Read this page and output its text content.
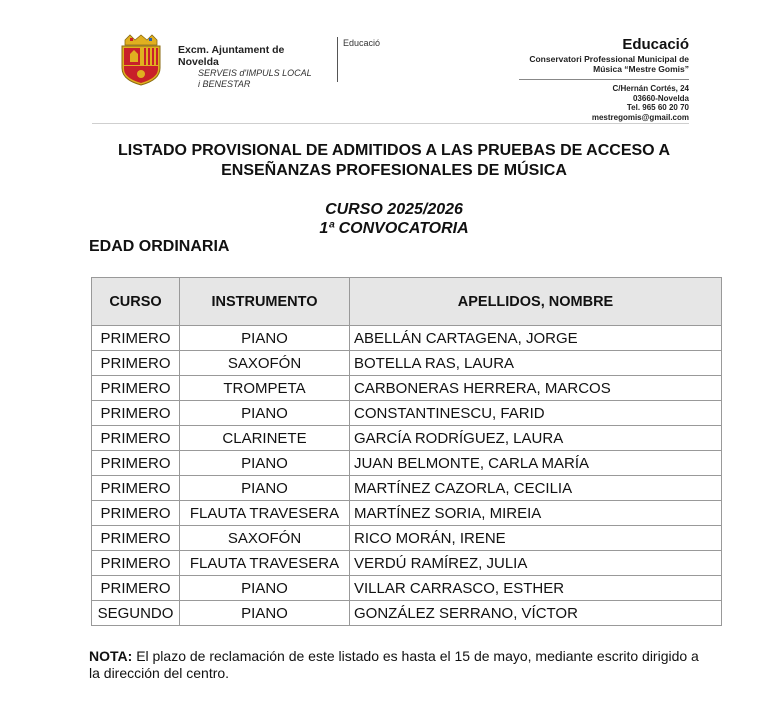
Excm. Ajuntament de Novelda
SERVEIS d'IMPULS LOCAL
i BENESTAR
Educació	Educació
Conservatori Professional Municipal de
Música “Mestre Gomis”
C/Hernán Cortés, 24
03660-Novelda
Tel. 965 60 20 70
mestregomis@gmail.com
LISTADO PROVISIONAL DE ADMITIDOS A LAS PRUEBAS DE ACCESO A
ENSEÑANZAS PROFESIONALES DE MÚSICA
CURSO 2025/2026
1ª CONVOCATORIA
EDAD ORDINARIA
CURSO	INSTRUMENTO	APELLIDOS, NOMBRE
PRIMERO	PIANO	ABELLÁN CARTAGENA, JORGE
PRIMERO	SAXOFÓN	BOTELLA RAS, LAURA
PRIMERO	TROMPETA	CARBONERAS HERRERA, MARCOS
PRIMERO	PIANO	CONSTANTINESCU, FARID
PRIMERO	CLARINETE	GARCÍA RODRÍGUEZ, LAURA
PRIMERO	PIANO	JUAN BELMONTE, CARLA MARÍA
PRIMERO	PIANO	MARTÍNEZ CAZORLA, CECILIA
PRIMERO	FLAUTA TRAVESERA	MARTÍNEZ SORIA, MIREIA
PRIMERO	SAXOFÓN	RICO MORÁN, IRENE
PRIMERO	FLAUTA TRAVESERA	VERDÚ RAMÍREZ, JULIA
PRIMERO	PIANO	VILLAR CARRASCO, ESTHER
SEGUNDO	PIANO	GONZÁLEZ SERRANO, VÍCTOR
NOTA: El plazo de reclamación de este listado es hasta el 15 de mayo, mediante escrito dirigido a la dirección del centro.
